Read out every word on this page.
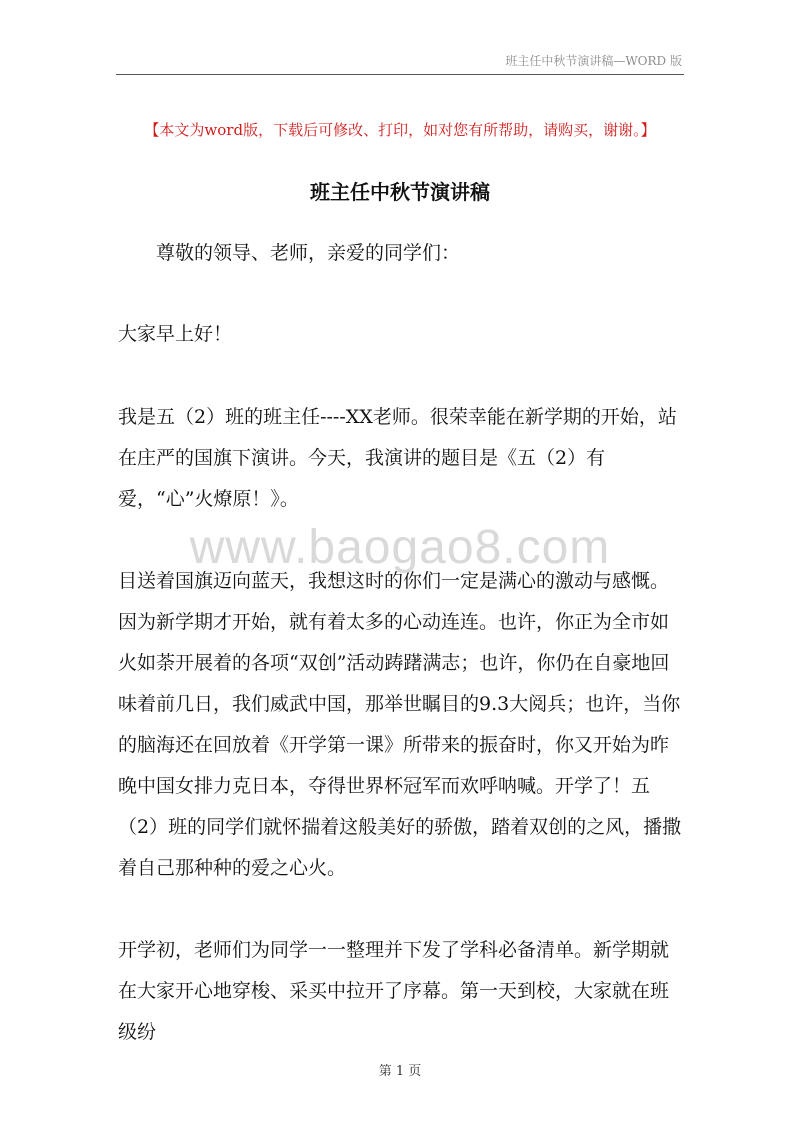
班主任中秋节演讲稿—WORD 版
【本文为word版，下载后可修改、打印，如对您有所帮助，请购买，谢谢。】
班主任中秋节演讲稿

　　尊敬的领导、老师，亲爱的同学们：

大家早上好！

我是五（2）班的班主任----XX老师。很荣幸能在新学期的开始，站在庄严的国旗下演讲。今天，我演讲的题目是《五（2）有爱，“心”火燎原！》。

目送着国旗迈向蓝天，我想这时的你们一定是满心的激动与感慨。因为新学期才开始，就有着太多的心动连连。也许，你正为全市如火如荼开展着的各项“双创”活动踌躇满志；也许，你仍在自豪地回味着前几日，我们威武中国，那举世瞩目的9.3大阅兵；也许，当你的脑海还在回放着《开学第一课》所带来的振奋时，你又开始为昨晚中国女排力克日本，夺得世界杯冠军而欢呼呐喊。开学了！五（2）班的同学们就怀揣着这般美好的骄傲，踏着双创的之风，播撒着自己那种种的爱之心火。

开学初，老师们为同学一一整理并下发了学科必备清单。新学期就在大家开心地穿梭、采买中拉开了序幕。第一天到校，大家就在班级纷

www.baogao8.com
第 1 页
